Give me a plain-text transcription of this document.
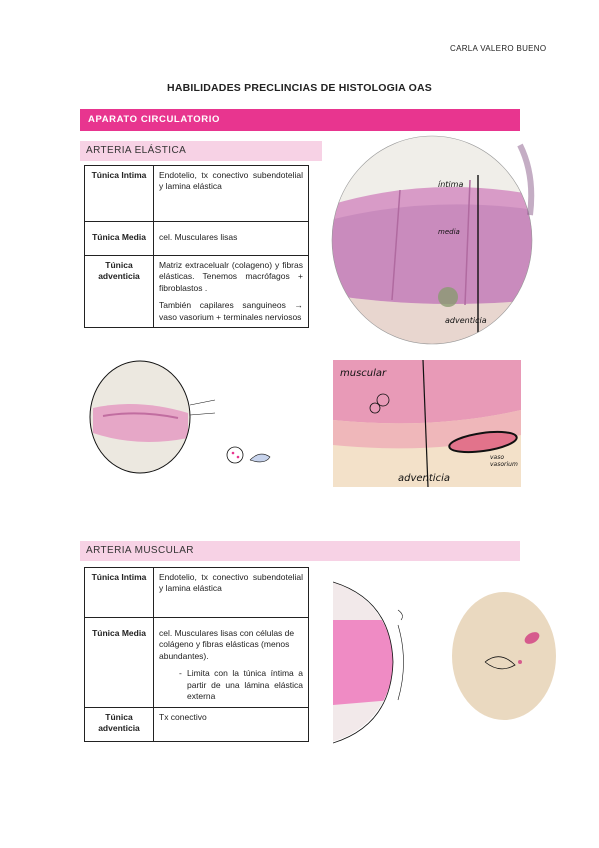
CARLA VALERO BUENO
HABILIDADES PRECLINCIAS DE HISTOLOGIA OAS
APARATO CIRCULATORIO
ARTERIA ELÁSTICA
Túnica Intima	Endotelio, tx conectivo subendotelial y lamina elástica
Túnica Media	cel. Musculares lisas
Túnica adventicia	Matriz extracelualr (colageno) y fibras elásticas. Tenemos macrófagos + fibroblastos .
También capilares sanguineos → vaso vasorium + terminales nerviosos
íntima
media
adventicia
muscular
adventicia
vaso vasorium
ARTERIA MUSCULAR
Túnica Intima	Endotelio, tx conectivo subendotelial y lamina elástica
Túnica Media	cel. Musculares lisas con células de colágeno y fibras elásticas (menos abundantes).
- Limita con la túnica íntima a partir de una lámina elástica externa

Túnica adventicia	Tx conectivo
